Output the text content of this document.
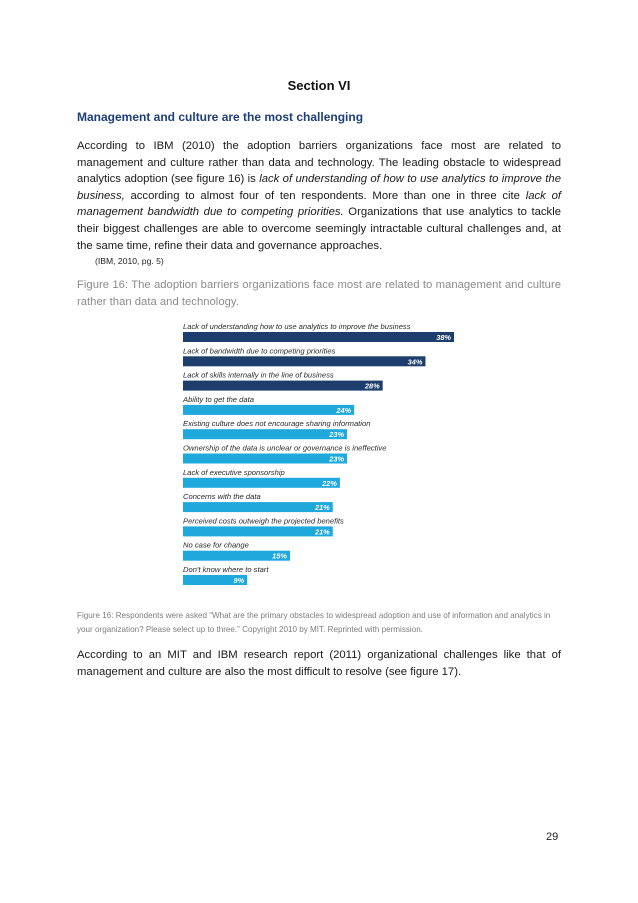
Section VI
Management and culture are the most challenging

According to IBM (2010) the adoption barriers organizations face most are related to management and culture rather than data and technology. The leading obstacle to widespread analytics adoption (see figure 16) is lack of understanding of how to use analytics to improve the business, according to almost four of ten respondents. More than one in three cite lack of management bandwidth due to competing priorities. Organizations that use analytics to tackle their biggest challenges are able to overcome seemingly intractable cultural challenges and, at the same time, refine their data and governance approaches.

(IBM, 2010, pg. 5)
Figure 16: The adoption barriers organizations face most are related to management and culture rather than data and technology.
Lack of understanding how to use analytics to improve the business
38%
Lack of bandwidth due to competing priorities
34%
Lack of skills internally in the line of business
28%
Ability to get the data
24%
Existing culture does not encourage sharing information
23%
Ownership of the data is unclear or governance is ineffective
23%
Lack of executive sponsorship
22%
Concerns with the data
21%
Perceived costs outweigh the projected benefits
21%
No case for change
15%
Don't know where to start
9%
Figure 16: Respondents were asked “What are the primary obstacles to widespread adoption and use of information and analytics in your organization? Please select up to three.” Copyright 2010 by MIT. Reprinted with permission.

According to an MIT and IBM research report (2011) organizational challenges like that of management and culture are also the most difficult to resolve (see figure 17).

29
